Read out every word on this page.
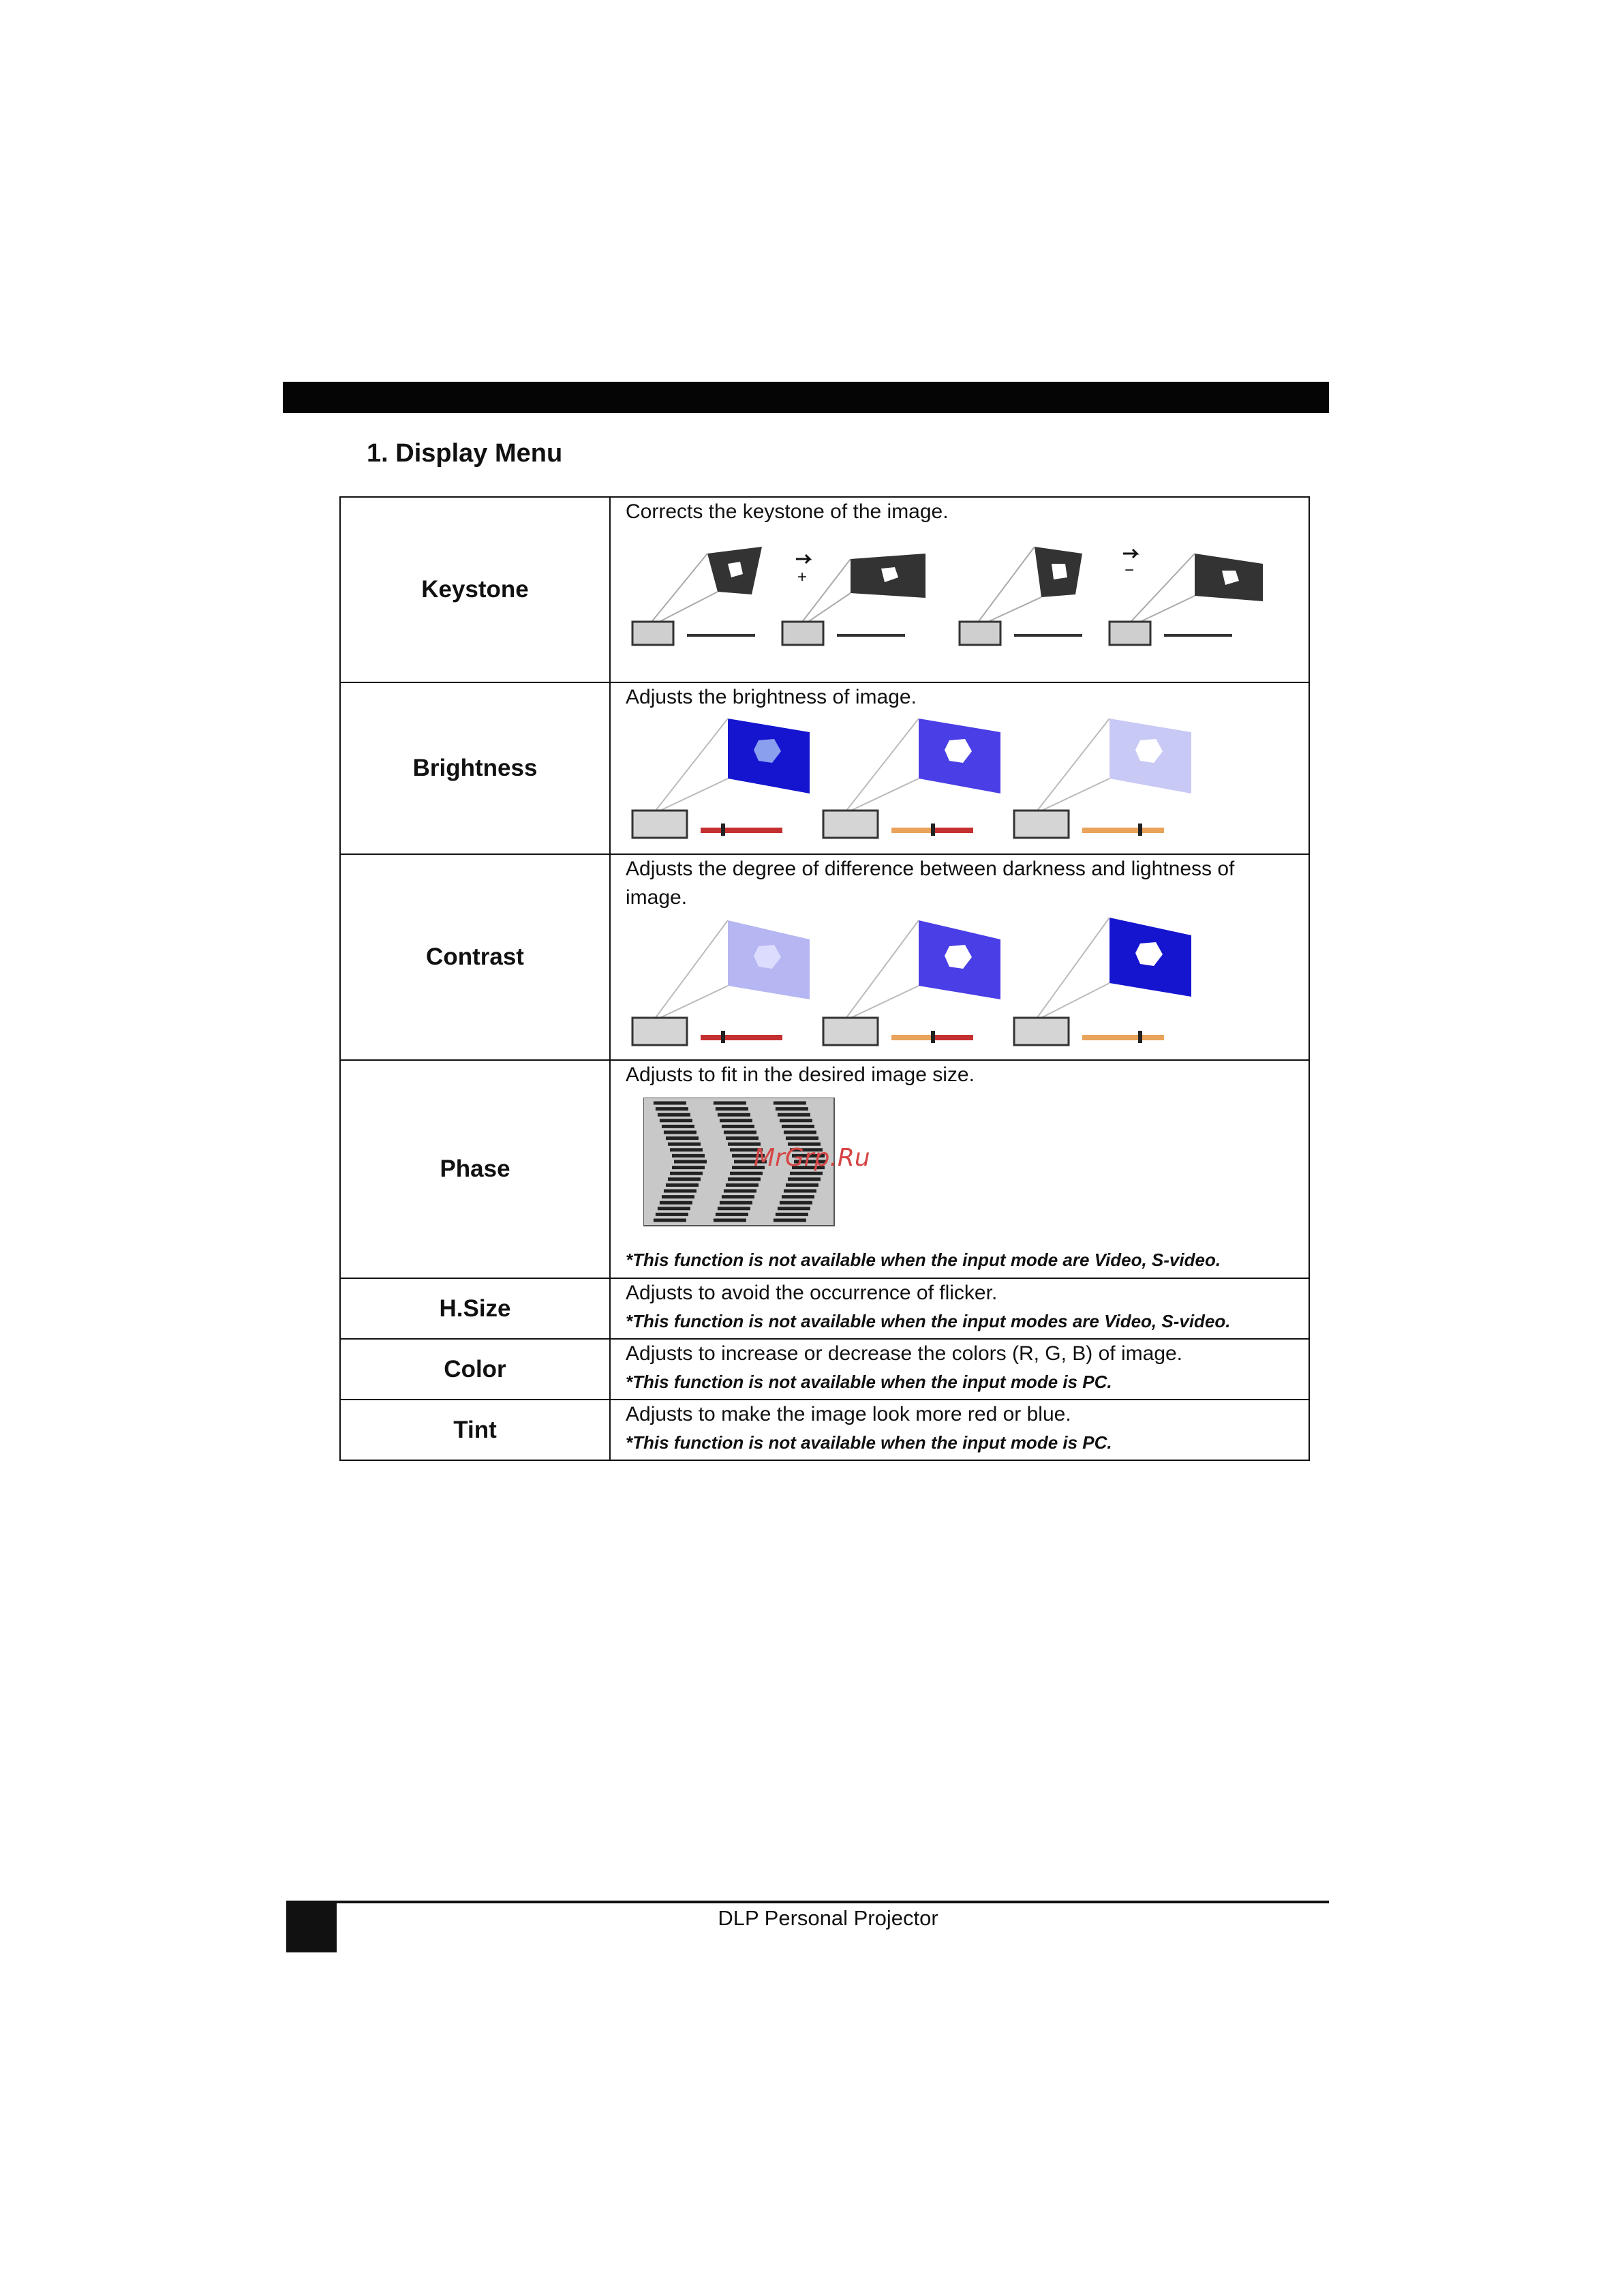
1. Display Menu
Keystone	Corrects the keystone of the image.
+ −

Brightness	Adjusts the brightness of image.

Contrast	Adjusts the degree of difference between darkness and lightness of image.

Phase	Adjusts to fit in the desired image size.
MrGrp.Ru
*This function is not available when the input mode are Video, S-video.

H.Size	Adjusts to avoid the occurrence of flicker.
*This function is not available when the input modes are Video, S-video.

Color	Adjusts to increase or decrease the colors (R, G, B) of image.
*This function is not available when the input mode is PC.

Tint	Adjusts to make the image look more red or blue.
*This function is not available when the input mode is PC.
DLP Personal Projector
